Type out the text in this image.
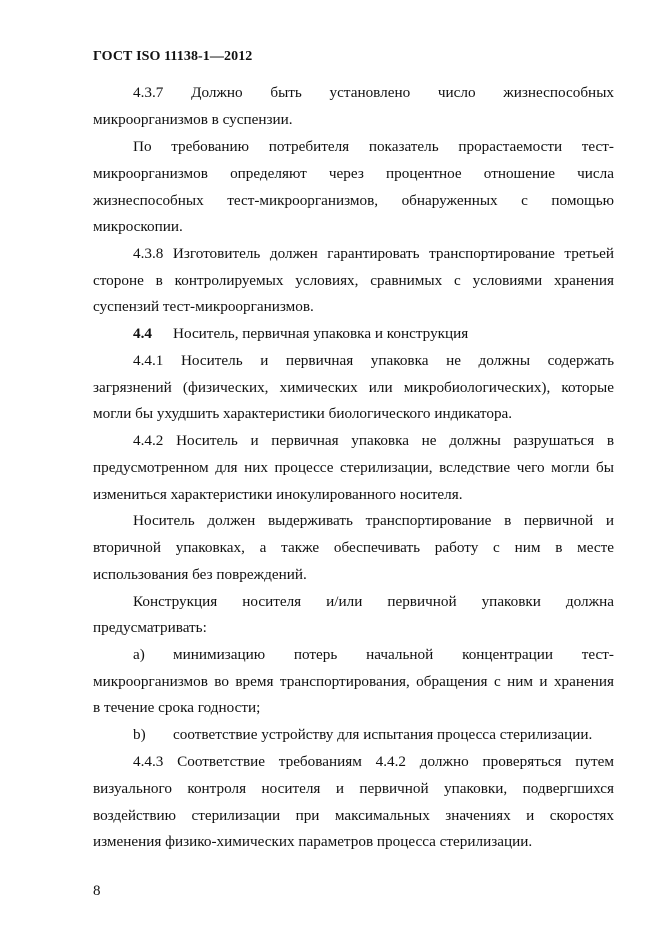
ГОСТ ISO 11138-1—2012
4.3.7 Должно быть установлено число жизнеспособных
микроорганизмов в суспензии.
По требованию потребителя показатель прорастаемости тест-
микроорганизмов определяют через процентное отношение числа
жизнеспособных тест-микроорганизмов, обнаруженных с помощью
микроскопии.
4.3.8 Изготовитель должен гарантировать транспортирование третьей
стороне в контролируемых условиях, сравнимых с условиями хранения
суспензий тест-микроорганизмов.
4.4	Носитель, первичная упаковка и конструкция
4.4.1 Носитель и первичная упаковка не должны содержать
загрязнений (физических, химических или микробиологических), которые
могли бы ухудшить характеристики биологического индикатора.
4.4.2 Носитель и первичная упаковка не должны разрушаться в
предусмотренном для них процессе стерилизации, вследствие чего могли бы
измениться характеристики инокулированного носителя.
Носитель должен выдерживать транспортирование в первичной и
вторичной упаковках, а также обеспечивать работу с ним в месте
использования без повреждений.
Конструкция носителя и/или первичной упаковки должна
предусматривать:
a)	минимизацию потерь начальной концентрации тест-
микроорганизмов во время транспортирования, обращения с ним и хранения
в течение срока годности;
b)	соответствие устройству для испытания процесса стерилизации.
4.4.3 Соответствие требованиям 4.4.2 должно проверяться путем
визуального контроля носителя и первичной упаковки, подвергшихся
воздействию стерилизации при максимальных значениях и скоростях
изменения физико-химических параметров процесса стерилизации.
8
